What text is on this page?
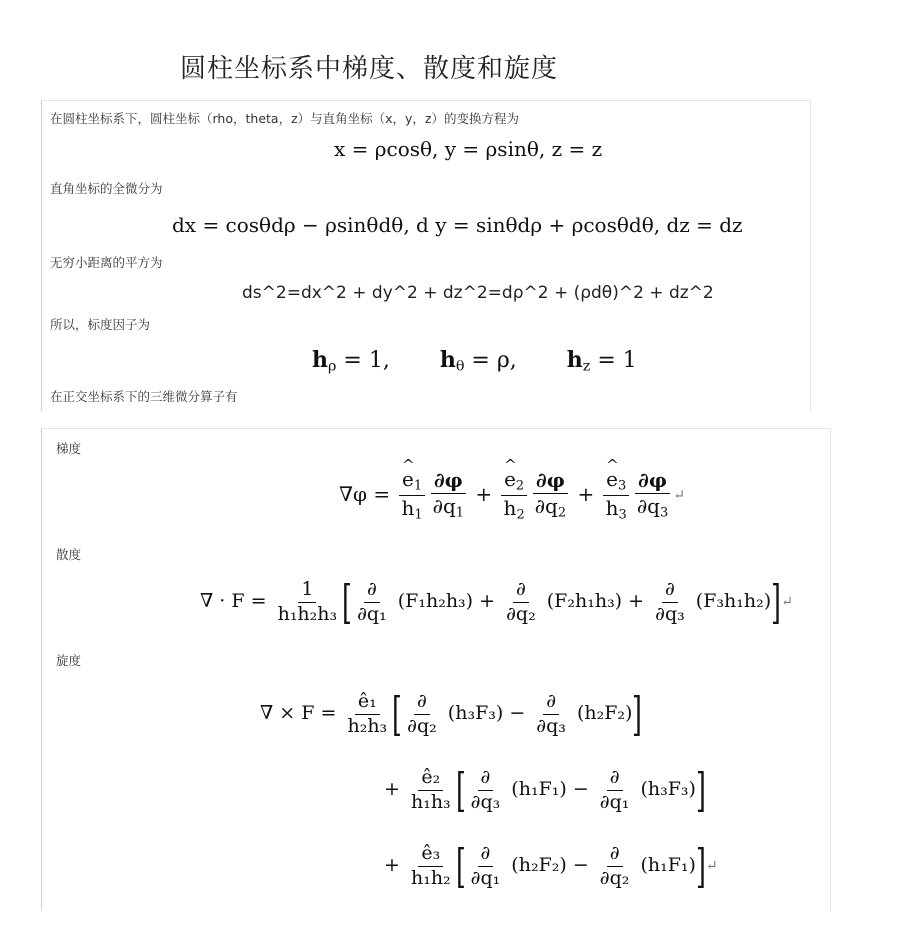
圆柱坐标系中梯度、散度和旋度
在圆柱坐标系下，圆柱坐标（rho，theta，z）与直角坐标（x，y，z）的变换方程为
x = ρcosθ, y = ρsinθ, z = z
直角坐标的全微分为
dx = cosθdρ − ρsinθdθ, d y = sinθdρ + ρcosθdθ, dz = dz
无穷小距离的平方为
ds^2=dx^2 + dy^2 + dz^2=dρ^2 + (ρdθ)^2 + dz^2
所以，标度因子为
$h_\rho = 1$, $h_\theta = \rho$, $h_z = 1$
在正交坐标系下的三维微分算子有
梯度
∇φ = ^ $\frac{e_1}{h_1} \frac{\partial\varphi}{\partial q_1}$ + ^ $\frac{e_2}{h_2} \frac{\partial\varphi}{\partial q_2}$ + ^ $\frac{e_3}{h_3} \frac{\partial\varphi}{\partial q_3}$ ↵
散度
∇ · $F = \frac{1}{\text{h₁h₂h₃}}$ [ $\frac{\partial}{\text{∂q₁}} (F_1h_2h_3) + \frac{\partial}{\text{∂q₂}} (F_2h_1h_3) + \frac{\partial}{\text{∂q₃}}$ (F₃h₁h₂)]↵
旋度
∇ × $F = \frac{\text{ê₁}}{\text{h₂h₃}}$ [ $\frac{\partial}{\text{∂q₂}} (h_3F_3) - \frac{\partial}{\text{∂q₃}} (h_2F_2)$]
+ $\frac{\text{ê₂}}{\text{h₁h₃}}$ [ $\frac{\partial}{\text{∂q₃}} (h_1F_1) - \frac{\partial}{\text{∂q₁}} (h_3F_3)$]
+ $\frac{\text{ê₃}}{\text{h₁h₂}}$ [ $\frac{\partial}{\text{∂q₁}} (h_2F_2) - \frac{\partial}{\text{∂q₂}}$ (h₁F₁)]↵
